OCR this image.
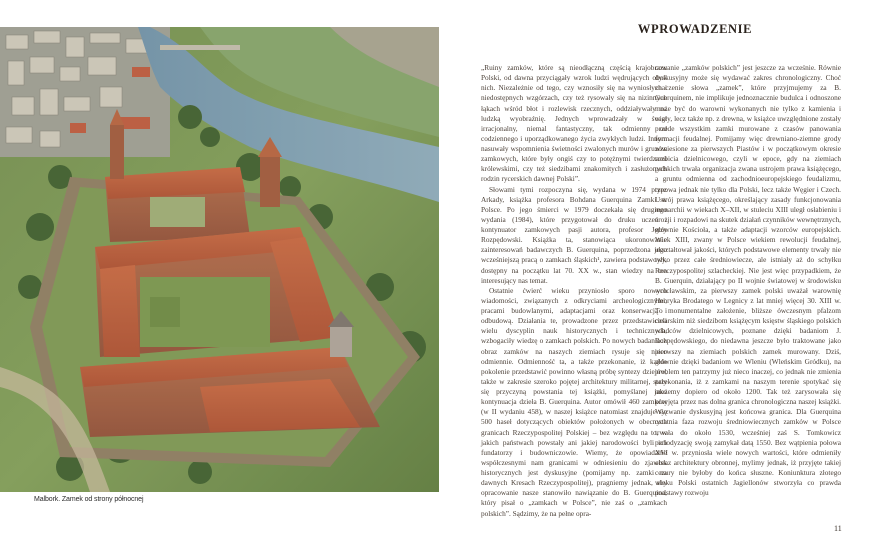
Malbork. Zamek od strony północnej

WPROWADZENIE

„Ruiny zamków, które są nieodłączną częścią krajobrazu Polski, od dawna przyciągały wzrok ludzi wędrujących obok nich. Niezależnie od tego, czy wznosiły się na wyniosłych i niedostępnych wzgórzach, czy też rysowały się na nizinnych łąkach wśród błot i rozlewisk rzecznych, oddziaływały na ludzką wyobraźnię. Jednych wprowadzały w świat irracjonalny, niemal fantastyczny, tak odmienny od codziennego i uporządkowanego życia zwykłych ludzi. Innym nasuwały wspomnienia świetności zwalonych murów i gruzów zamkowych, które były ongiś czy to potężnymi twierdzami królewskimi, czy też siedzibami znakomitych i zasłużonych rodzin rycerskich dawnej Polski”.

Słowami tymi rozpoczyna się, wydana w 1974 przez Arkady, książka profesora Bohdana Guerquina Zamki w Polsce. Po jego śmierci w 1979 doczekała się drugiego wydania (1984), które przygotował do druku uczeń i kontynuator zamkowych pasji autora, profesor Jerzy Rozpędowski. Książka ta, stanowiąca ukoronowanie zainteresowań badawczych B. Guerquina, poprzedzona jego wcześniejszą pracą o zamkach śląskich¹, zawiera podstawowy, dostępny na początku lat 70. XX w., stan wiedzy na ten interesujący nas temat.

Ostatnie ćwierć wieku przyniosło sporo nowych wiadomości, związanych z odkryciami archeologicznymi, pracami budowlanymi, adaptacjami oraz konserwacją i odbudową. Działania te, prowadzone przez przedstawicieli wielu dyscyplin nauk historycznych i technicznych, wzbogaciły wiedzę o zamkach polskich. Po nowych badaniach obraz zamków na naszych ziemiach rysuje się nieco odmiennie. Odmienność ta, a także przekonanie, iż każde pokolenie przedstawić powinno własną próbę syntezy dziejów, także w zakresie szeroko pojętej architektury militarnej, stały się przyczyną powstania tej książki, pomyślanej jako kontynuacja dzieła B. Guerquina. Autor omówił 460 zamków (w II wydaniu 458), w naszej książce natomiast znajduje się 500 haseł dotyczących obiektów położonych w obecnych granicach Rzeczypospolitej Polskiej – bez względu na to, w jakich państwach powstały ani jakiej narodowości byli ich fundatorzy i budowniczowie. Wiemy, że opowiadanie współczesnymi nam granicami w odniesieniu do zjawisk historycznych jest dyskusyjne (pomijamy np. zamki na dawnych Kresach Rzeczypospolitej), pragniemy jednak, aby opracowanie nasze stanowiło nawiązanie do B. Guerquina, który pisał o „zamkach w Polsce”, nie zaś o „zamkach polskich”. Sądzimy, że na pełne opra-

cowanie „zamków polskich” jest jeszcze za wcześnie. Równie dyskusyjny może się wydawać zakres chronologiczny. Choć znaczenie słowa „zamek”, które przyjmujemy za B. Guerquinem, nie implikuje jednoznacznie budulca i odnoszone może być do warowni wykonanych nie tylko z kamienia i cegły, lecz także np. z drewna, w książce uwzględnione zostały przede wszystkim zamki murowane z czasów panowania formacji feudalnej. Pomijamy więc drewniano-ziemne grody wzniesione za pierwszych Piastów i w początkowym okresie rozbicia dzielnicowego, czyli w epoce, gdy na ziemiach polskich trwała organizacja zwana ustrojem prawa książęcego, a gruntu odmienna od zachodnioeuropejskiego feudalizmu, typowa jednak nie tylko dla Polski, lecz także Węgier i Czech. Ustrój prawa książęcego, określający zasady funkcjonowania monarchii w wiekach X–XII, w stuleciu XIII uległ osłabieniu i erozji i rozpadowi na skutek działań czynników wewnętrznych, głównie Kościoła, a także adaptacji wzorców europejskich. Wiek XIII, zwany w Polsce wiekiem rewolucji feudalnej, ukształtował jakości, których podstawowe elementy trwały nie tylko przez całe średniowiecze, ale istniały aż do schyłku Rzeczypospolitej szlacheckiej. Nie jest więc przypadkiem, że B. Guerquin, działający po II wojnie światowej w środowisku wrocławskim, za pierwszy zamek polski uważał warownię Henryka Brodatego w Legnicy z lat mniej więcej 30. XIII w. To monumentalne założenie, bliższe ówczesnym pfalzom cesarskim niż siedzibom książęcym księstw śląskiego polskich władców dzielnicowych, poznane dzięki badaniom J. Rozpędowskiego, do niedawna jeszcze było traktowane jako pierwszy na ziemiach polskich zamek murowany. Dziś, głównie dzięki badaniom we Wleniu (Wleńskim Gródku), na problem ten patrzymy już nieco inaczej, co jednak nie zmienia przekonania, iż z zamkami na naszym terenie spotykać się możemy dopiero od około 1200. Tak też zarysowała się przyjęta przez nas dolna granica chronologiczna naszej książki. Wyzwanie dyskusyjną jest końcowa granica. Dla Guerquina ostatnia faza rozwoju średniowiecznych zamków w Polsce trwała do około 1530, wcześniej zaś S. Tomkowicz periodyzację swoją zamykał datą 1550. Bez wątpienia połowa XVI w. przyniosła wiele nowych wartości, które odmieniły obraz architektury obronnej, mylimy jednak, iż przyjęte takiej cezury nie byłoby do końca słuszne. Koniunktura złotego wieku Polski ostatnich Jagiellonów stworzyła co prawda podstawy rozwoju

11
